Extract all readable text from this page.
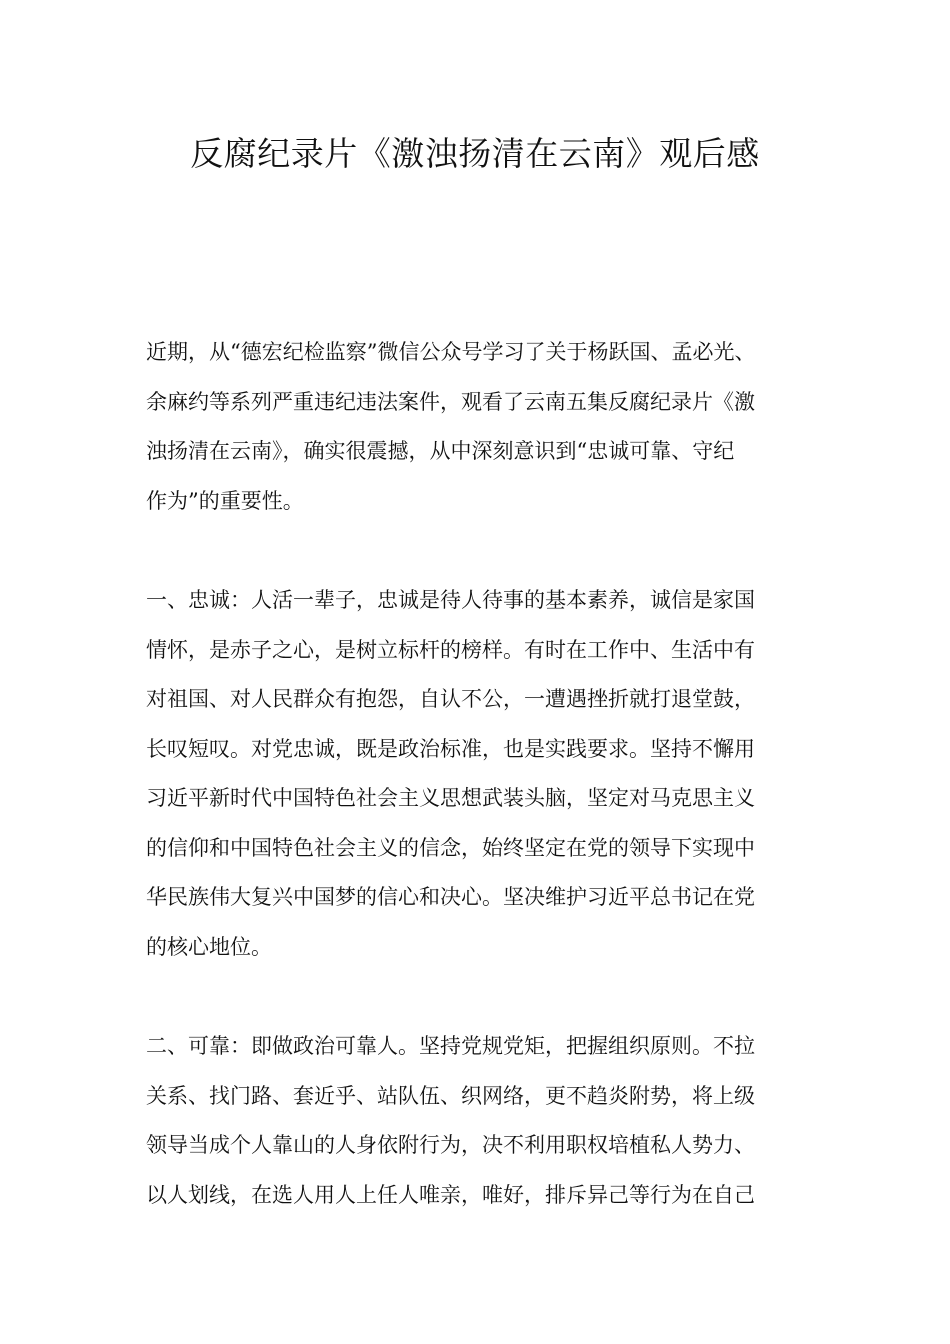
反腐纪录片《激浊扬清在云南》观后感
近期，从“德宏纪检监察”微信公众号学习了关于杨跃国、孟必光、
余麻约等系列严重违纪违法案件，观看了云南五集反腐纪录片《激
浊扬清在云南》，确实很震撼，从中深刻意识到“忠诚可靠、守纪
作为”的重要性。
一、忠诚：人活一辈子，忠诚是待人待事的基本素养，诚信是家国
情怀，是赤子之心，是树立标杆的榜样。有时在工作中、生活中有
对祖国、对人民群众有抱怨，自认不公，一遭遇挫折就打退堂鼓，
长叹短叹。对党忠诚，既是政治标准，也是实践要求。坚持不懈用
习近平新时代中国特色社会主义思想武装头脑，坚定对马克思主义
的信仰和中国特色社会主义的信念，始终坚定在党的领导下实现中
华民族伟大复兴中国梦的信心和决心。坚决维护习近平总书记在党
的核心地位。
二、可靠：即做政治可靠人。坚持党规党矩，把握组织原则。不拉
关系、找门路、套近乎、站队伍、织网络，更不趋炎附势，将上级
领导当成个人靠山的人身依附行为，决不利用职权培植私人势力、
以人划线，在选人用人上任人唯亲，唯好，排斥异己等行为在自己
